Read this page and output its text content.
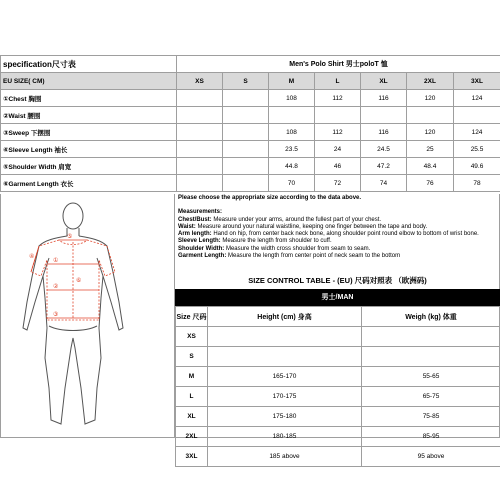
specification尺寸表	Men's Polo Shirt 男士poloT 恤						
EU SIZE( CM)	XS	S	M	L	XL	2XL	3XL
①Chest 胸围			108	112	116	120	124
②Waist 腰围							
③Sweep 下摆围			108	112	116	120	124
④Sleeve Length 袖长			23.5	24	24.5	25	25.5
⑤Shoulder Width 肩宽			44.8	46	47.2	48.4	49.6
⑥Garment Length 衣长			70	72	74	76	78
⑤
①
②
③
④
⑥

Please choose the appropriate size according to the data above.

Measurements:

Chest/Bust: Measure under your arms, around the fullest part of your chest.

Waist: Measure around your natural waistline, keeping one finger between the tape and body.

Arm length: Hand on hip, from center back neck bone, along shoulder point round elbow to bottom of wrist bone.

Sleeve Length: Measure the length from shoulder to cuff.

Shoulder Width: Measure the width cross shoulder from seam to seam.

Garment Length: Measure the length from center point of neck seam to the bottom

SIZE CONTROL TABLE - (EU) 尺码对照表 （欧洲码)
男士/MAN
Size 尺码	Height (cm) 身高	Weigh (kg) 体重
XS		
S		
M	165-170	55-65
L	170-175	65-75
XL	175-180	75-85
2XL	180-185	85-95
3XL	185 above	95 above
